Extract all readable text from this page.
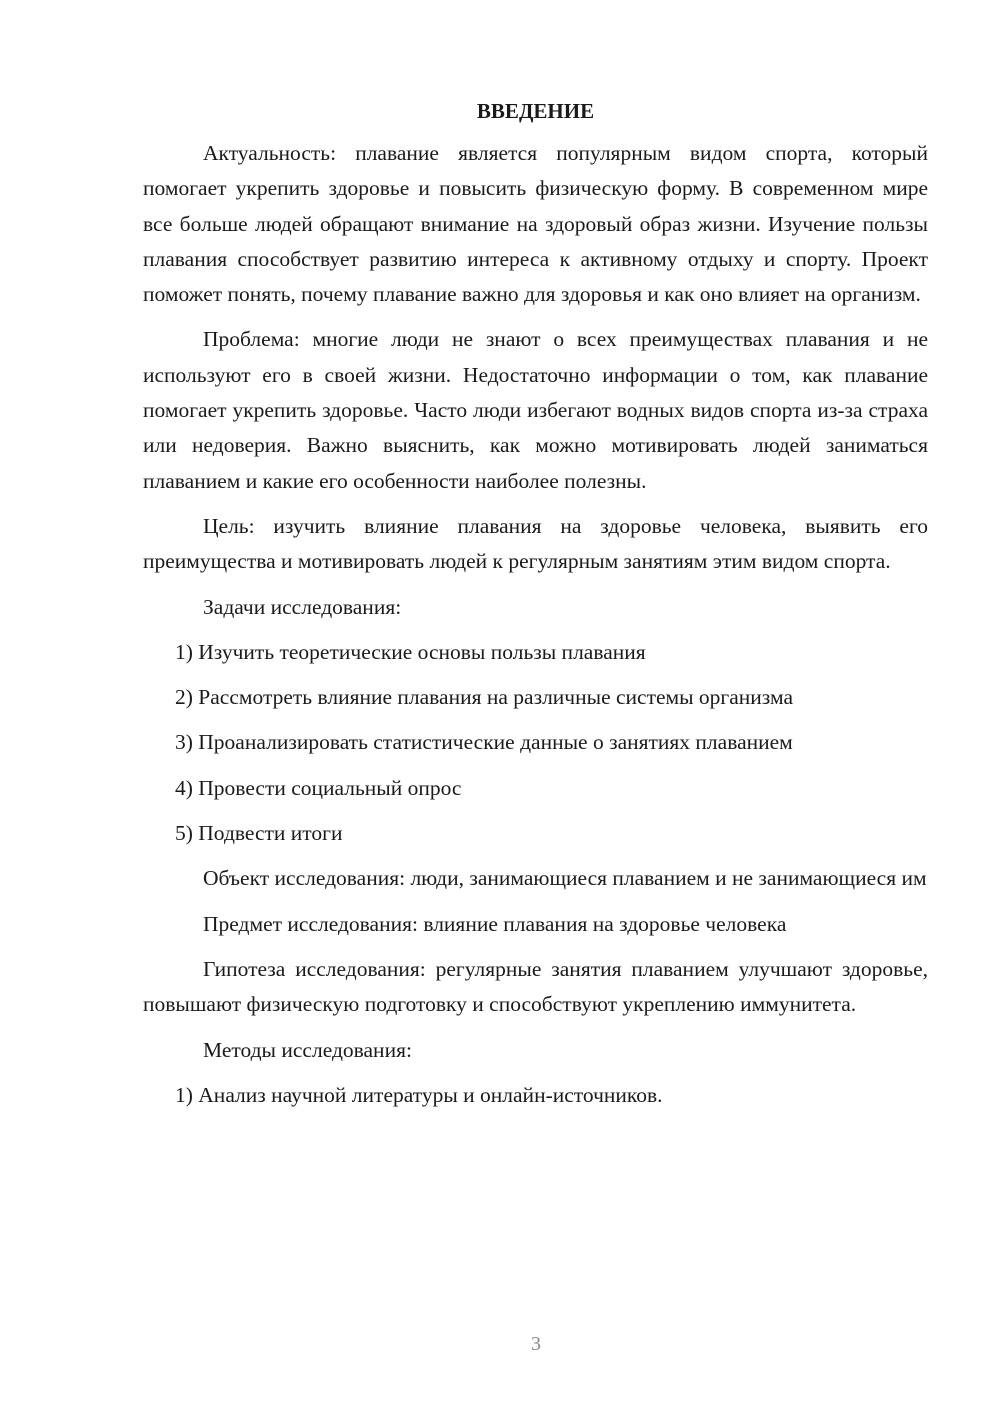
ВВЕДЕНИЕ

Актуальность: плавание является популярным видом спорта, который помогает укрепить здоровье и повысить физическую форму. В современном мире все больше людей обращают внимание на здоровый образ жизни. Изучение пользы плавания способствует развитию интереса к активному отдыху и спорту. Проект поможет понять, почему плавание важно для здоровья и как оно влияет на организм.

Проблема: многие люди не знают о всех преимуществах плавания и не используют его в своей жизни. Недостаточно информации о том, как плавание помогает укрепить здоровье. Часто люди избегают водных видов спорта из-за страха или недоверия. Важно выяснить, как можно мотивировать людей заниматься плаванием и какие его особенности наиболее полезны.

Цель: изучить влияние плавания на здоровье человека, выявить его преимущества и мотивировать людей к регулярным занятиям этим видом спорта.

Задачи исследования:

1) Изучить теоретические основы пользы плавания
2) Рассмотреть влияние плавания на различные системы организма
3) Проанализировать статистические данные о занятиях плаванием
4) Провести социальный опрос
5) Подвести итоги

Объект исследования: люди, занимающиеся плаванием и не занимающиеся им

Предмет исследования: влияние плавания на здоровье человека

Гипотеза исследования: регулярные занятия плаванием улучшают здоровье, повышают физическую подготовку и способствуют укреплению иммунитета.

Методы исследования:

1) Анализ научной литературы и онлайн-источников.
3
